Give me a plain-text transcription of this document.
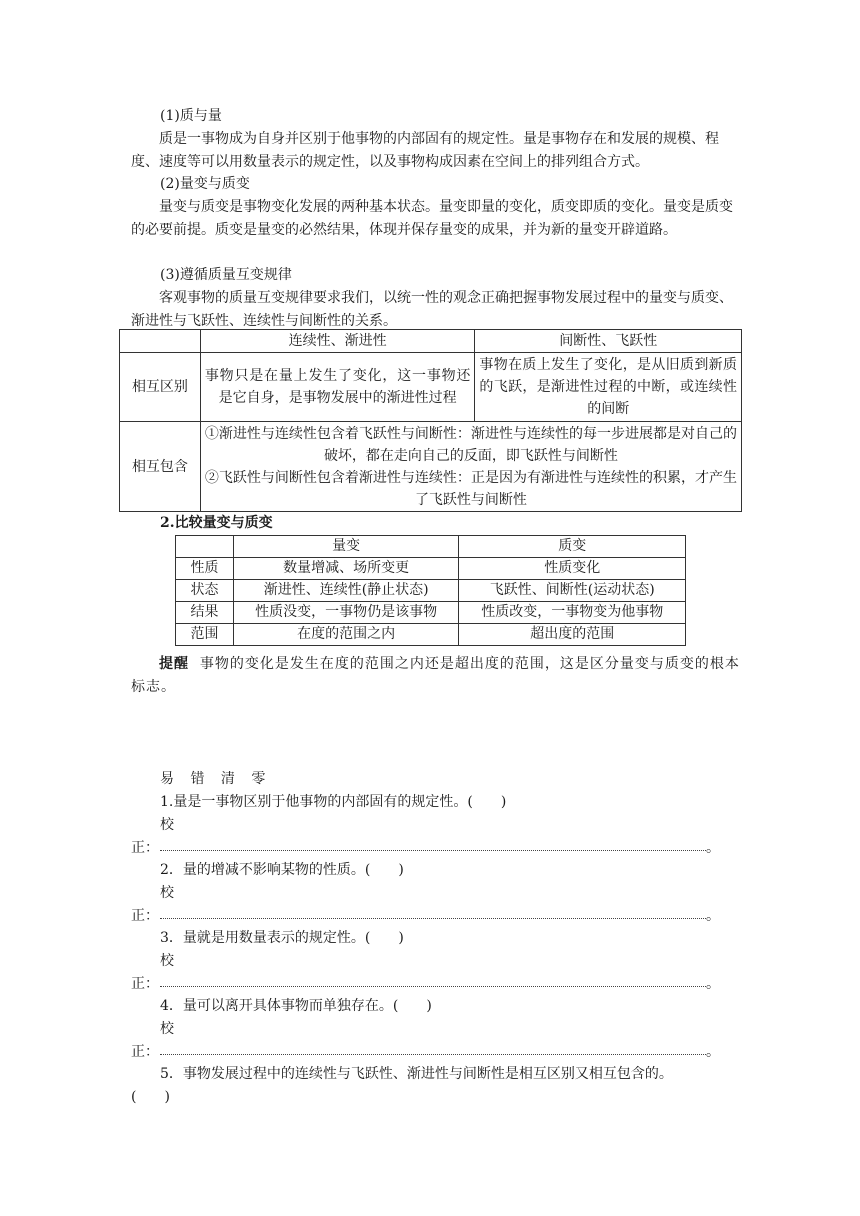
(1)质与量
质是一事物成为自身并区别于他事物的内部固有的规定性。量是事物存在和发展的规模、程度、速度等可以用数量表示的规定性，以及事物构成因素在空间上的排列组合方式。
(2)量变与质变
量变与质变是事物变化发展的两种基本状态。量变即量的变化，质变即质的变化。量变是质变的必要前提。质变是量变的必然结果，体现并保存量变的成果，并为新的量变开辟道路。
(3)遵循质量互变规律
客观事物的质量互变规律要求我们，以统一性的观念正确把握事物发展过程中的量变与质变、渐进性与飞跃性、连续性与间断性的关系。
	连续性、渐进性	间断性、飞跃性
相互区别	事物只是在量上发生了变化，这一事物还是它自身，是事物发展中的渐进性过程	事物在质上发生了变化，是从旧质到新质的飞跃，是渐进性过程的中断，或连续性的间断
相互包含	①渐进性与连续性包含着飞跃性与间断性：渐进性与连续性的每一步进展都是对自己的破坏，都在走向自己的反面，即飞跃性与间断性
②飞跃性与间断性包含着渐进性与连续性：正是因为有渐进性与连续性的积累，才产生了飞跃性与间断性	
2.比较量变与质变
	量变	质变
性质	数量增减、场所变更	性质变化
状态	渐进性、连续性(静止状态)	飞跃性、间断性(运动状态)
结果	性质没变，一事物仍是该事物	性质改变，一事物变为他事物
范围	在度的范围之内	超出度的范围
提醒 事物的变化是发生在度的范围之内还是超出度的范围，这是区分量变与质变的根本标志。
易 错 清 零
1.量是一事物区别于他事物的内部固有的规定性。(　　)
校
正：	。
2．量的增减不影响某物的性质。(　　)
校
正：	。
3．量就是用数量表示的规定性。(　　)
校
正：	。
4．量可以离开具体事物而单独存在。(　　)
校
正：	。
5．事物发展过程中的连续性与飞跃性、渐进性与间断性是相互区别又相互包含的。
(　　)
